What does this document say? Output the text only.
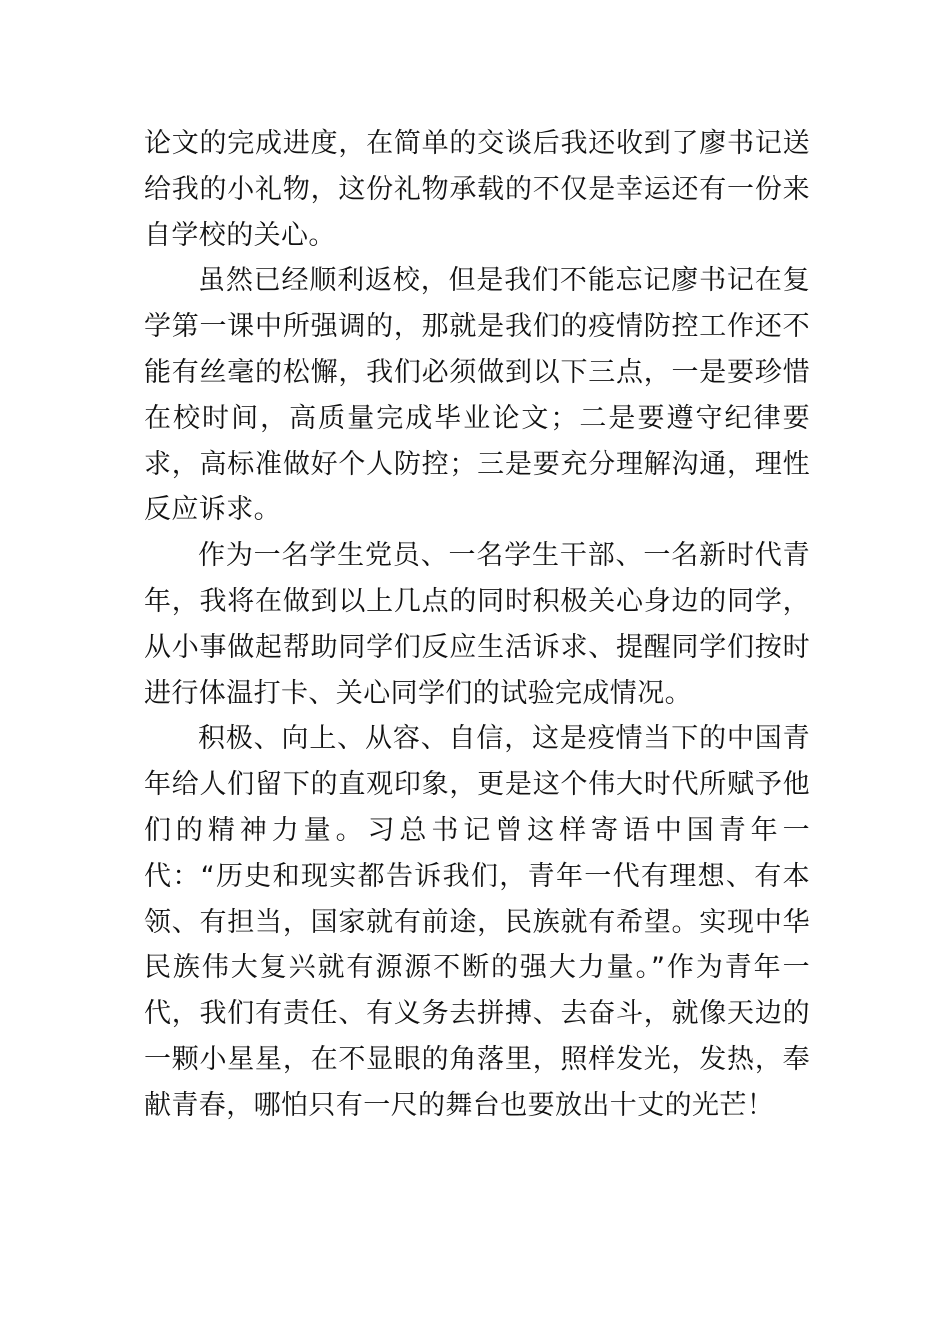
论文的完成进度，在简单的交谈后我还收到了廖书记送给我的小礼物，这份礼物承载的不仅是幸运还有一份来自学校的关心。

虽然已经顺利返校，但是我们不能忘记廖书记在复学第一课中所强调的，那就是我们的疫情防控工作还不能有丝毫的松懈，我们必须做到以下三点，一是要珍惜在校时间，高质量完成毕业论文；二是要遵守纪律要求，高标准做好个人防控；三是要充分理解沟通，理性反应诉求。

作为一名学生党员、一名学生干部、一名新时代青年，我将在做到以上几点的同时积极关心身边的同学，从小事做起帮助同学们反应生活诉求、提醒同学们按时进行体温打卡、关心同学们的试验完成情况。

积极、向上、从容、自信，这是疫情当下的中国青年给人们留下的直观印象，更是这个伟大时代所赋予他们的精神力量。习总书记曾这样寄语中国青年一代：“历史和现实都告诉我们，青年一代有理想、有本领、有担当，国家就有前途，民族就有希望。实现中华民族伟大复兴就有源源不断的强大力量。”作为青年一代，我们有责任、有义务去拼搏、去奋斗，就像天边的一颗小星星，在不显眼的角落里，照样发光，发热，奉献青春，哪怕只有一尺的舞台也要放出十丈的光芒！
